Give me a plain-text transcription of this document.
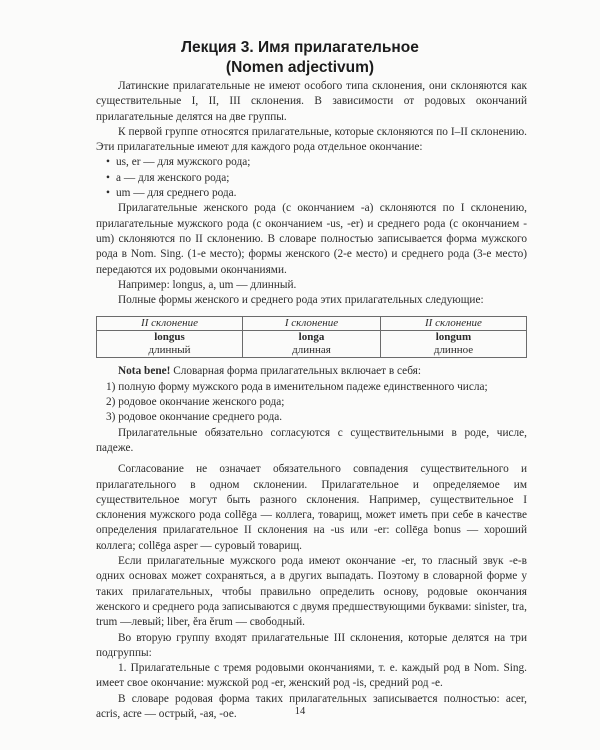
Лекция 3. Имя прилагательное
(Nomen adjectivum)

Латинские прилагательные не имеют особого типа склонения, они склоняются как существительные I, II, III склонения. В зависимости от родовых окончаний прилагательные делятся на две группы.

К первой группе относятся прилагательные, которые склоняются по I–II склонению. Эти прилагательные имеют для каждого рода отдельное окончание:

• us, er — для мужского рода;
• a — для женского рода;
• um — для среднего рода.

Прилагательные женского рода (с окончанием -а) склоняются по I склонению, прилагательные мужского рода (с окончанием -us, -er) и среднего рода (с окончанием -um) склоняются по II склонению. В словаре полностью записывается форма мужского рода в Nom. Sing. (1-е место); формы женского (2-е место) и среднего рода (3-е место) передаются их родовыми окончаниями.

Например: longus, a, um — длинный.

Полные формы женского и среднего рода этих прилагательных следующие:

II склонение	I склонение	II склонение
longus	longa	longum
длинный	длинная	длинное

Nota bene! Словарная форма прилагательных включает в себя:

1) полную форму мужского рода в именительном падеже единственного числа;

2) родовое окончание женского рода;

3) родовое окончание среднего рода.

Прилагательные обязательно согласуются с существительными в роде, числе, падеже.

Согласование не означает обязательного совпадения существительного и прилагательного в одном склонении. Прилагательное и определяемое им существительное могут быть разного склонения. Например, существительное I склонения мужского рода collēga — коллега, товарищ, может иметь при себе в качестве определения прилагательное II склонения на -us или -er: collēga bonus — хороший коллега; collēga asper — суровый товарищ.

Если прилагательные мужского рода имеют окончание -er, то гласный звук -e-в одних основах может сохраняться, а в других выпадать. Поэтому в словарной форме у таких прилагательных, чтобы правильно определить основу, родовые окончания женского и среднего рода записываются с двумя предшествующими буквами: sinister, tra, trum —левый; liber, ĕra ĕrum — свободный.

Во вторую группу входят прилагательные III склонения, которые делятся на три подгруппы:

1. Прилагательные с тремя родовыми окончаниями, т. е. каждый род в Nom. Sing. имеет свое окончание: мужской род -er, женский род -is, средний род -e.

В словаре родовая форма таких прилагательных записывается полностью: acer, acris, acre — острый, -ая, -ое.	14
